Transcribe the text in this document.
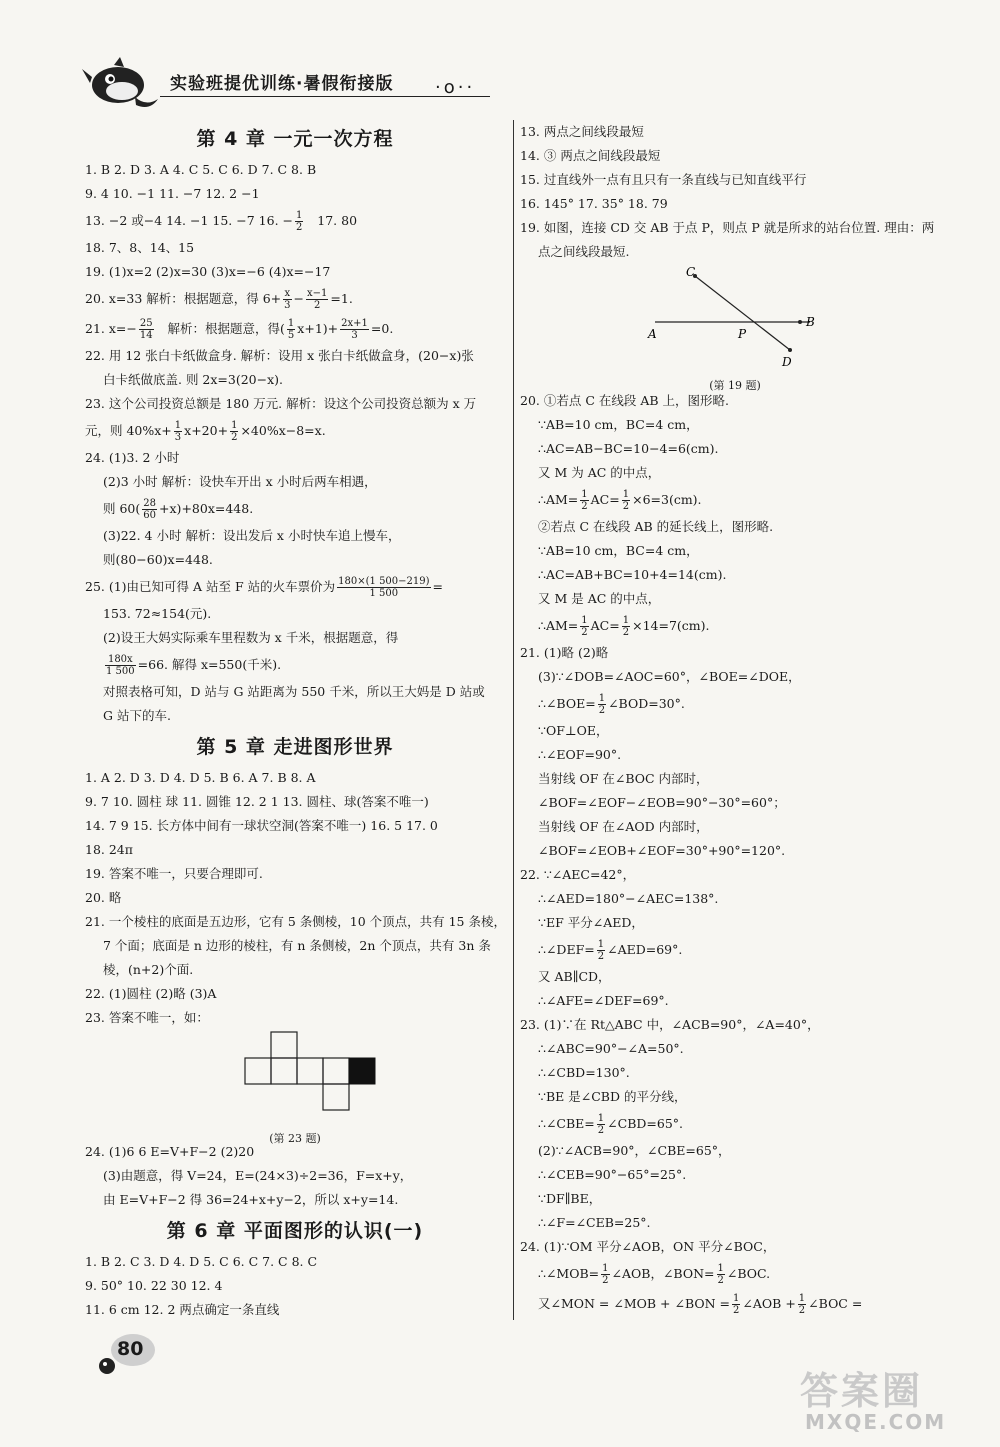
实验班提优训练·暑假衔接版 ·o··
第 4 章 一元一次方程
1. B 2. D 3. A 4. C 5. C 6. D 7. C 8. B
9. 4 10. −1 11. −7 12. 2 −1
13. −2 或−4 14. −1 15. −7 16. − $\frac{1}{2} 17$. 80
18. 7、8、14、15
19. (1)x=2 (2)x=30 (3)x=−6 (4)x=−17
20. x=33 解析：根据题意，得 $6+ \frac{x}{3} - \frac{x-1}{2} =1$.
21. $x=- \frac{25}{14}$ 解析：根据题意，得( $\frac{1}{5} x+1)+ \frac{2x+1}{3} =0$.
22. 用 12 张白卡纸做盒身. 解析：设用 x 张白卡纸做盒身，(20−x)张
白卡纸做底盖. 则 2x=3(20−x).
23. 这个公司投资总额是 180 万元. 解析：设这个公司投资总额为 x 万
元，则 $40\%x+ \frac{1}{3} x+20+ \frac{1}{2} \times 40\%x-8=x$.
24. (1)3. 2 小时
(2)3 小时 解析：设快车开出 x 小时后两车相遇，
则 $60( \frac{28}{60} +x)+80x=448$.
(3)22. 4 小时 解析：设出发后 x 小时快车追上慢车，
则(80−60)x=448.
25. (1)由已知可得 A 站至 F 站的火车票价为 $\frac{180\times(1 500-219)}{1 500}$ =
153. 72≈154(元).
(2)设王大妈实际乘车里程数为 x 千米，根据题意，得
$\frac{180x}{1 500} =66$. 解得 x=550(千米).
对照表格可知，D 站与 G 站距离为 550 千米，所以王大妈是 D 站或
G 站下的车.
第 5 章 走进图形世界
1. A 2. D 3. D 4. D 5. B 6. A 7. B 8. A
9. 7 10. 圆柱 球 11. 圆锥 12. 2 1 13. 圆柱、球(答案不唯一)
14. 7 9 15. 长方体中间有一球状空洞(答案不唯一) 16. 5 17. 0
18. 24π
19. 答案不唯一，只要合理即可.
20. 略
21. 一个棱柱的底面是五边形，它有 5 条侧棱，10 个顶点，共有 15 条棱，
7 个面；底面是 n 边形的棱柱，有 n 条侧棱，2n 个顶点，共有 3n 条
棱，(n+2)个面.
22. (1)圆柱 (2)略 (3)A
23. 答案不唯一，如：
(第 23 题)
24. (1)6 6 E=V+F−2 (2)20
(3)由题意，得 V=24，E=(24×3)÷2=36，F=x+y，
由 E=V+F−2 得 36=24+x+y−2，所以 x+y=14.
第 6 章 平面图形的认识(一)
1. B 2. C 3. D 4. D 5. C 6. C 7. C 8. C
9. 50° 10. 22 30 12. 4
11. 6 cm 12. 2 两点确定一条直线
13. 两点之间线段最短
14. ③ 两点之间线段最短
15. 过直线外一点有且只有一条直线与已知直线平行
16. 145° 17. 35° 18. 79
19. 如图，连接 CD 交 AB 于点 P，则点 P 就是所求的站台位置. 理由：两
点之间线段最短.
C
A	P
B
D
(第 19 题)
20. ①若点 C 在线段 AB 上，图形略.
∵AB=10 cm，BC=4 cm，
∴AC=AB−BC=10−4=6(cm).
又 M 为 AC 的中点，
∴AM= $\frac{1}{2} AC= \frac{1}{2} \times 6=3(cm)$.
②若点 C 在线段 AB 的延长线上，图形略.
∵AB=10 cm，BC=4 cm，
∴AC=AB+BC=10+4=14(cm).
又 M 是 AC 的中点，
∴AM= $\frac{1}{2} AC= \frac{1}{2} \times 14=7(cm)$.
21. (1)略 (2)略
(3)∵∠DOB=∠AOC=60°，∠BOE=∠DOE，
∴∠BOE= $\frac{1}{2}$ ∠BOD=30°.
∵OF⊥OE，
∴∠EOF=90°.
当射线 OF 在∠BOC 内部时，
∠BOF=∠EOF−∠EOB=90°−30°=60°；
当射线 OF 在∠AOD 内部时，
∠BOF=∠EOB+∠EOF=30°+90°=120°.
22. ∵∠AEC=42°，
∴∠AED=180°−∠AEC=138°.
∵EF 平分∠AED，
∴∠DEF= $\frac{1}{2}$ ∠AED=69°.
又 AB∥CD，
∴∠AFE=∠DEF=69°.
23. (1)∵在 Rt△ABC 中，∠ACB=90°，∠A=40°，
∴∠ABC=90°−∠A=50°.
∴∠CBD=130°.
∵BE 是∠CBD 的平分线，
∴∠CBE= $\frac{1}{2}$ ∠CBD=65°.
(2)∵∠ACB=90°，∠CBE=65°，
∴∠CEB=90°−65°=25°.
∵DF∥BE，
∴∠F=∠CEB=25°.
24. (1)∵OM 平分∠AOB，ON 平分∠BOC，
∴∠MOB= $\frac{1}{2}$ ∠AOB，∠BON= $\frac{1}{2}$ ∠BOC.
又∠MON = ∠MOB + ∠BON = $\frac{1}{2}$ ∠AOB + $\frac{1}{2}$ ∠BOC =
80
答案圈
MXQE.COM
